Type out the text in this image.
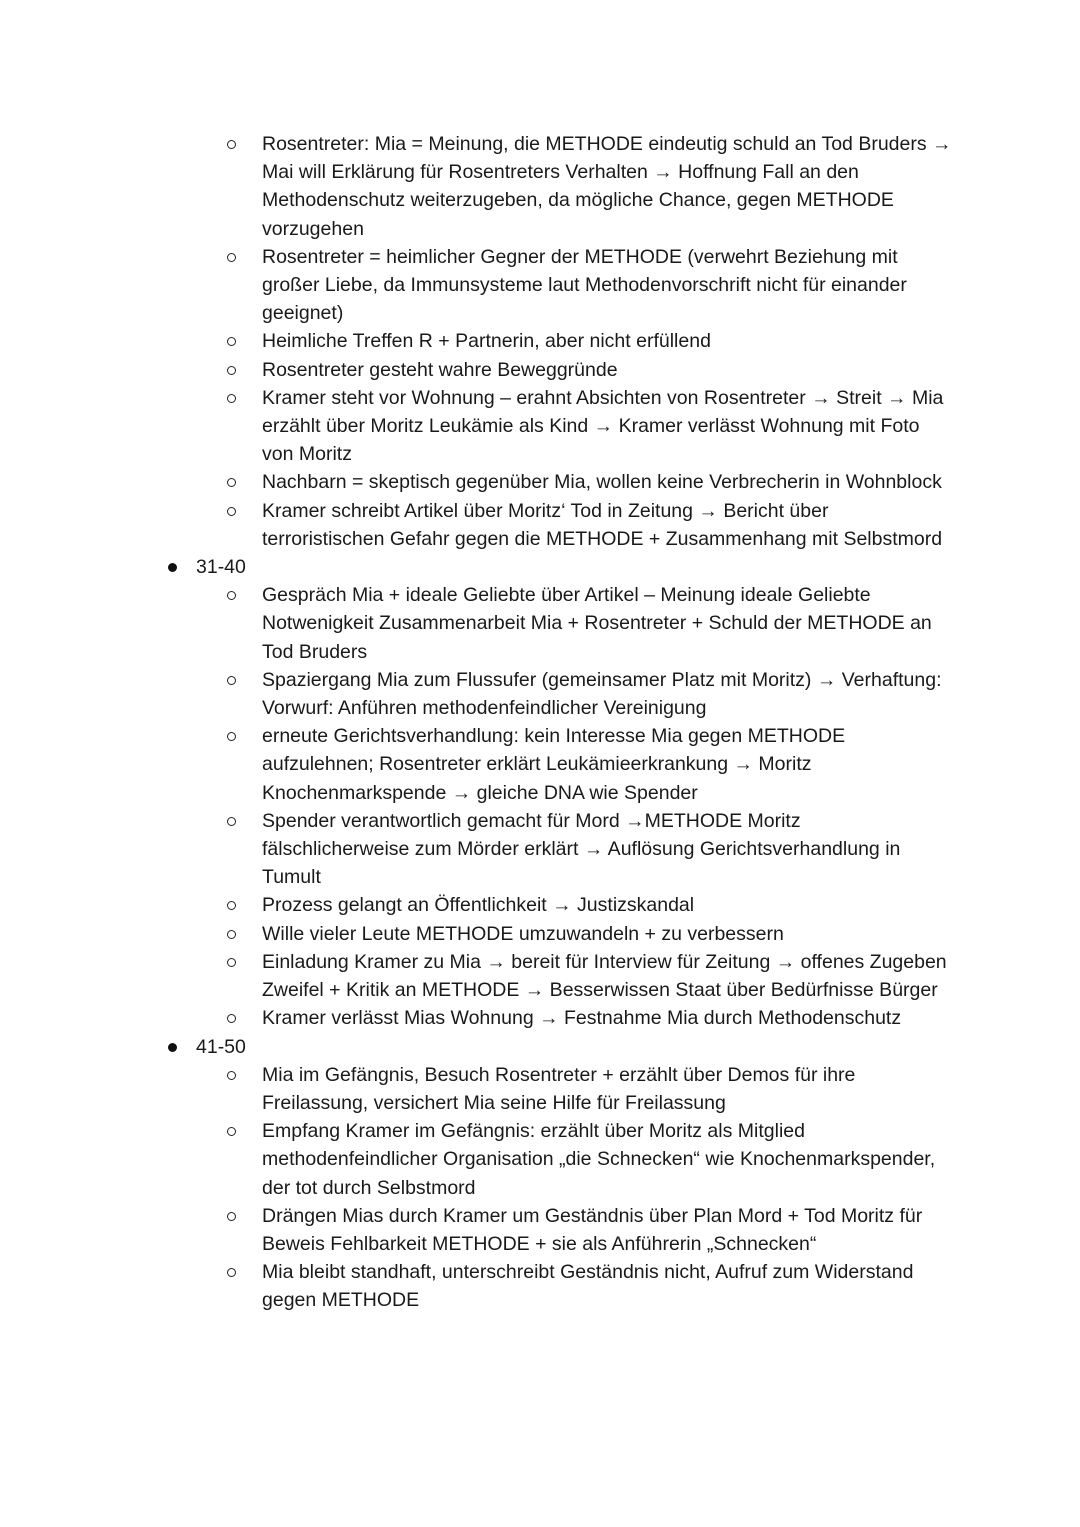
Rosentreter: Mia = Meinung, die METHODE eindeutig schuld an Tod Bruders → Mai will Erklärung für Rosentreters Verhalten → Hoffnung Fall an den Methodenschutz weiterzugeben, da mögliche Chance, gegen METHODE vorzugehen
Rosentreter = heimlicher Gegner der METHODE (verwehrt Beziehung mit großer Liebe, da Immunsysteme laut Methodenvorschrift nicht für einander geeignet)
Heimliche Treffen R + Partnerin, aber nicht erfüllend
Rosentreter gesteht wahre Beweggründe
Kramer steht vor Wohnung – erahnt Absichten von Rosentreter → Streit → Mia erzählt über Moritz Leukämie als Kind → Kramer verlässt Wohnung mit Foto von Moritz
Nachbarn = skeptisch gegenüber Mia, wollen keine Verbrecherin in Wohnblock
Kramer schreibt Artikel über Moritz‘ Tod in Zeitung → Bericht über terroristischen Gefahr gegen die METHODE + Zusammenhang mit Selbstmord
31-40
Gespräch Mia + ideale Geliebte über Artikel – Meinung ideale Geliebte Notwenigkeit Zusammenarbeit Mia + Rosentreter + Schuld der METHODE an Tod Bruders
Spaziergang Mia zum Flussufer (gemeinsamer Platz mit Moritz) → Verhaftung: Vorwurf: Anführen methodenfeindlicher Vereinigung
erneute Gerichtsverhandlung: kein Interesse Mia gegen METHODE aufzulehnen; Rosentreter erklärt Leukämieerkrankung → Moritz Knochenmarkspende → gleiche DNA wie Spender
Spender verantwortlich gemacht für Mord →METHODE Moritz fälschlicherweise zum Mörder erklärt → Auflösung Gerichtsverhandlung in Tumult
Prozess gelangt an Öffentlichkeit → Justizskandal
Wille vieler Leute METHODE umzuwandeln + zu verbessern
Einladung Kramer zu Mia → bereit für Interview für Zeitung → offenes Zugeben Zweifel + Kritik an METHODE → Besserwissen Staat über Bedürfnisse Bürger
Kramer verlässt Mias Wohnung → Festnahme Mia durch Methodenschutz
41-50
Mia im Gefängnis, Besuch Rosentreter + erzählt über Demos für ihre Freilassung, versichert Mia seine Hilfe für Freilassung
Empfang Kramer im Gefängnis: erzählt über Moritz als Mitglied methodenfeindlicher Organisation „die Schnecken“ wie Knochenmarkspender, der tot durch Selbstmord
Drängen Mias durch Kramer um Geständnis über Plan Mord + Tod Moritz für Beweis Fehlbarkeit METHODE + sie als Anführerin „Schnecken“
Mia bleibt standhaft, unterschreibt Geständnis nicht, Aufruf zum Widerstand gegen METHODE
